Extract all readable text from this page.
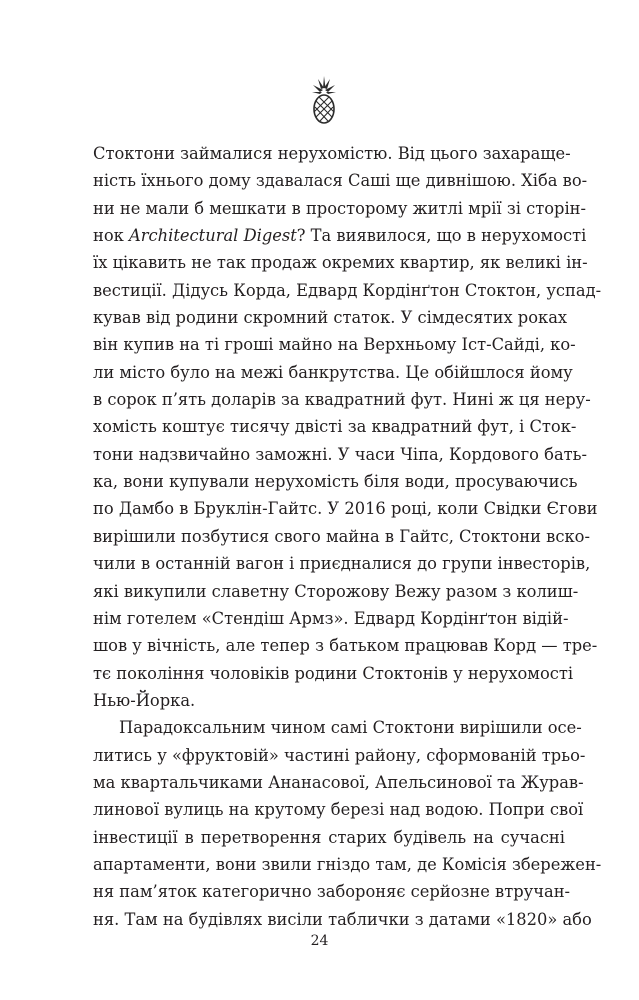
Стоктони займалися нерухомістю. Від цього захаращe-
ність їхнього дому здавалася Саші ще дивнішою. Хіба во-
ни не мали б мешкати в просторому житлі мрії зі сторін-
нок Architectural Digest? Та виявилося, що в нерухомості
їх цікавить не так продаж окремих квартир, як великі ін-
вестиції. Дідусь Корда, Едвард Кордінґтон Стоктон, успад-
кував від родини скромний статок. У сімдесятих роках
він купив на ті гроші майно на Верхньому Іст-Сайді, ко-
ли місто було на межі банкрутства. Це обійшлося йому
в сорок п’ять доларів за квадратний фут. Нині ж ця неру-
хомість коштує тисячу двісті за квадратний фут, і Сток-
тони надзвичайно заможні. У часи Чіпа, Кордового бать-
ка, вони купували нерухомість біля води, просуваючись
по Дамбо в Бруклін-Гайтс. У 2016 році, коли Свідки Єгови
вирішили позбутися свого майна в Гайтс, Стоктони вско-
чили в останній вагон і приєдналися до групи інвесторів,
які викупили славетну Сторожову Вежу разом з колиш-
нім готелем «Стендіш Армз». Едвард Кордінґтон відій-
шов у вічність, але тепер з батьком працював Корд — тре-
тє покоління чоловіків родини Стоктонів у нерухомості
Нью-Йорка.
Парадоксальним чином самі Стоктони вирішили осе-
литись у «фруктовій» частині району, сформованій трьо-
ма квартальчиками Ананасової, Апельсинової та Журав-
линової вулиць на крутому березі над водою. Попри свої
інвестиції в перетворення старих будівель на сучасні
апартаменти, вони звили гніздо там, де Комісія збережен-
ня пам’яток категорично забороняє серйозне втручан-
ня. Там на будівлях висіли таблички з датами «1820» або
24
